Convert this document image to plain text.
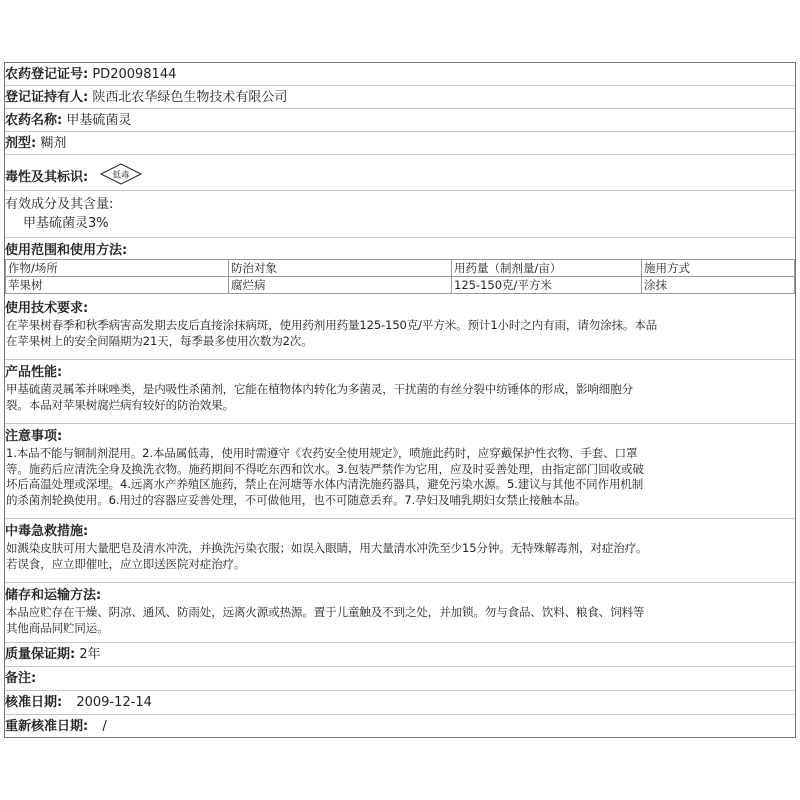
农药登记证号: PD20098144
登记证持有人: 陕西北农华绿色生物技术有限公司
农药名称: 甲基硫菌灵
剂型: 糊剂
毒性及其标识:	低毒
有效成分及其含量:
甲基硫菌灵3%
使用范围和使用方法:
作物/场所	防治对象	用药量（制剂量/亩）	施用方式
苹果树	腐烂病	125-150克/平方米	涂抹
使用技术要求:
在苹果树春季和秋季病害高发期去皮后直接涂抹病斑，使用药剂用药量125-150克/平方米。预计1小时之内有雨，请勿涂抹。本品
在苹果树上的安全间隔期为21天，每季最多使用次数为2次。
产品性能:
甲基硫菌灵属苯并咪唑类，是内吸性杀菌剂，它能在植物体内转化为多菌灵，干扰菌的有丝分裂中纺锤体的形成，影响细胞分
裂。本品对苹果树腐烂病有较好的防治效果。
注意事项:
1.本品不能与铜制剂混用。2.本品属低毒，使用时需遵守《农药安全使用规定》，喷施此药时，应穿戴保护性衣物、手套、口罩
等。施药后应清洗全身及换洗衣物。施药期间不得吃东西和饮水。3.包装严禁作为它用，应及时妥善处理，由指定部门回收或破
坏后高温处理或深埋。4.远离水产养殖区施药，禁止在河塘等水体内清洗施药器具，避免污染水源。5.建议与其他不同作用机制
的杀菌剂轮换使用。6.用过的容器应妥善处理，不可做他用，也不可随意丢弃。7.孕妇及哺乳期妇女禁止接触本品。
中毒急救措施:
如溅染皮肤可用大量肥皂及清水冲洗，并换洗污染衣服；如误入眼睛，用大量清水冲洗至少15分钟。无特殊解毒剂，对症治疗。
若误食，应立即催吐，应立即送医院对症治疗。
储存和运输方法:
本品应贮存在干燥、阴凉、通风、防雨处，远离火源或热源。置于儿童触及不到之处，并加锁。勿与食品、饮料、粮食、饲料等
其他商品同贮同运。
质量保证期: 2年
备注:
核准日期: 2009-12-14
重新核准日期: /
